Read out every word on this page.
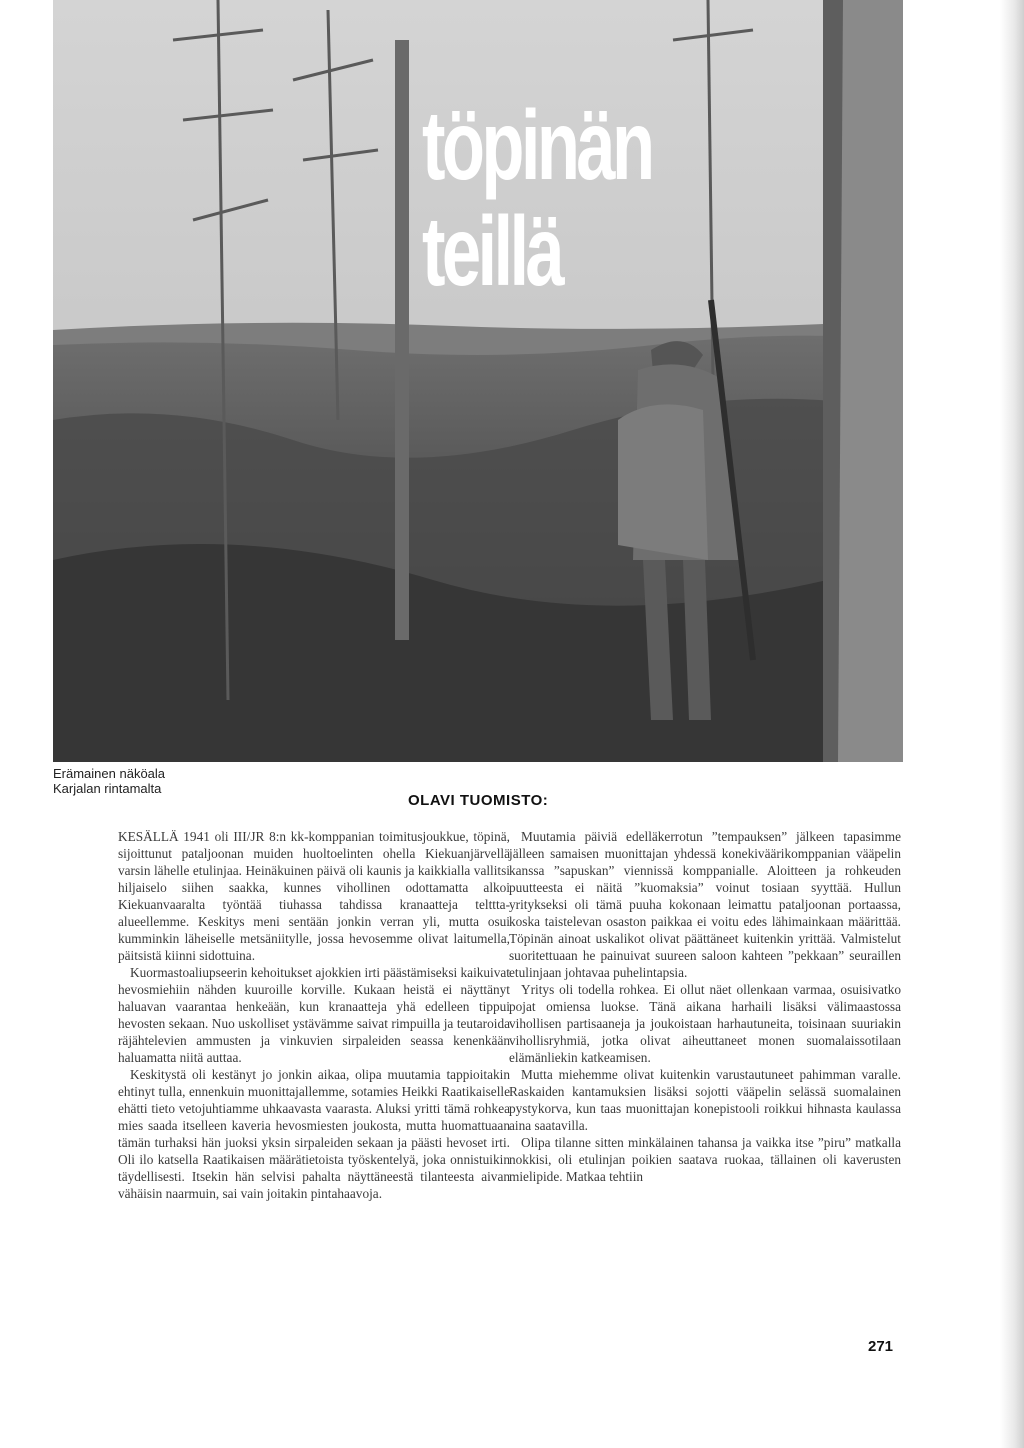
töpinän
teillä
Erämainen näköala
Karjalan rintamalta
OLAVI TUOMISTO:

KESÄLLÄ 1941 oli III/JR 8:n kk-komppanian toimitusjoukkue, töpinä, sijoittunut pataljoonan muiden huoltoelinten ohella Kiekuanjärvellä varsin lähelle etulinjaa. Heinäkuinen päivä oli kaunis ja kaikkialla vallitsi hiljaiselo siihen saakka, kunnes vihollinen odottamatta alkoi Kiekuanvaaralta työntää tiuhassa tahdissa kranaatteja telttta-alueellemme. Keskitys meni sentään jonkin verran yli, mutta osui kumminkin läheiselle metsäniitylle, jossa hevosemme olivat laitumella, päitsistä kiinni sidottuina.

Kuormastoaliupseerin kehoitukset ajokkien irti päästämiseksi kaikuivat hevosmiehiin nähden kuuroille korville. Kukaan heistä ei näyttänyt haluavan vaarantaa henkeään, kun kranaatteja yhä edelleen tippui hevosten sekaan. Nuo uskolliset ystävämme saivat rimpuilla ja teutaroida räjähtelevien ammusten ja vinkuvien sirpaleiden seassa kenenkään haluamatta niitä auttaa.

Keskitystä oli kestänyt jo jonkin aikaa, olipa muutamia tappioitakin ehtinyt tulla, ennenkuin muonittajallemme, sotamies Heikki Raatikaiselle ehätti tieto vetojuhtiamme uhkaavasta vaarasta. Aluksi yritti tämä rohkea mies saada itselleen kaveria hevosmiesten joukosta, mutta huomattuaan tämän turhaksi hän juoksi yksin sirpaleiden sekaan ja päästi hevoset irti. Oli ilo katsella Raatikaisen määrätietoista työskentelyä, joka onnistuikin täydellisesti. Itsekin hän selvisi pahalta näyttäneestä tilanteesta aivan vähäisin naarmuin, sai vain joitakin pintahaavoja.

Muutamia päiviä edelläkerrotun ”tempauksen” jälkeen tapasimme jälleen samaisen muonittajan yhdessä konekiväärikomppanian vääpelin kanssa ”sapuskan” viennissä komppanialle. Aloitteen ja rohkeuden puutteesta ei näitä ”kuomaksia” voinut tosiaan syyttää. Hullun yritykseksi oli tämä puuha kokonaan leimattu pataljoonan portaassa, koska taistelevan osaston paikkaa ei voitu edes lähimainkaan määrittää. Töpinän ainoat uskalikot olivat päättäneet kuitenkin yrittää. Valmistelut suoritettuaan he painuivat suureen saloon kahteen ”pekkaan” seuraillen etulinjaan johtavaa puhelintapsia.

Yritys oli todella rohkea. Ei ollut näet ollenkaan varmaa, osuisivatko pojat omiensa luokse. Tänä aikana harhaili lisäksi välimaastossa vihollisen partisaaneja ja joukoistaan harhautuneita, toisinaan suuriakin vihollisryhmiä, jotka olivat aiheuttaneet monen suomalaissotilaan elämänliekin katkeamisen.

Mutta miehemme olivat kuitenkin varustautuneet pahimman varalle. Raskaiden kantamuksien lisäksi sojotti vääpelin selässä suomalainen pystykorva, kun taas muonittajan konepistooli roikkui hihnasta kaulassa aina saatavilla.

Olipa tilanne sitten minkälainen tahansa ja vaikka itse ”piru” matkalla nokkisi, oli etulinjan poikien saatava ruokaa, tällainen oli kaverusten mielipide. Matkaa tehtiin

271
